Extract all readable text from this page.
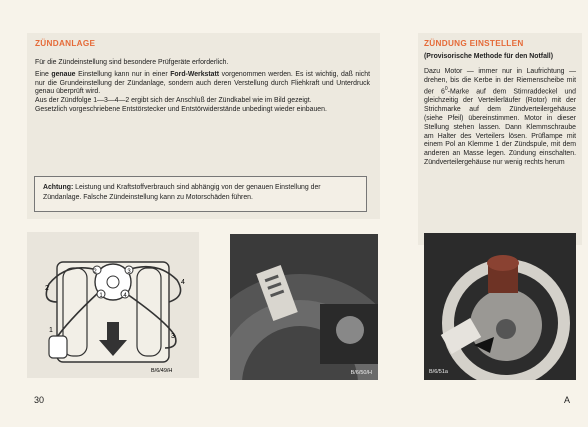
ZÜNDANLAGE

Für die Zündeinstellung sind besondere Prüfgeräte erforderlich.

Eine genaue Einstellung kann nur in einer Ford-Werkstatt vorgenommen werden. Es ist wichtig, daß nicht nur die Grundeinstellung der Zündanlage, sondern auch deren Verstellung durch Fliehkraft und Unterdruck genau überprüft wird.

Aus der Zündfolge 1—3—4—2 ergibt sich der Anschluß der Zündkabel wie im Bild gezeigt.

Gesetzlich vorgeschriebene Entstörstecker und Entstörwiderstände unbedingt wieder einbauen.

Achtung: Leistung und Kraftstoffverbrauch sind abhängig von der genauen Einstellung der Zündanlage. Falsche Zündeinstellung kann zu Motorschäden führen.
ZÜNDUNG EINSTELLEN

(Provisorische Methode für den Notfall)

Dazu Motor — immer nur in Laufrichtung — drehen, bis die Kerbe in der Riemenscheibe mit der $6^0$-Marke auf dem Stirnraddeckel und gleichzeitig der Verteilerläufer (Rotor) mit der Strichmarke auf dem Zündverteilergehäuse (siehe Pfeil) übereinstimmen. Motor in dieser Stellung stehen lassen. Dann Klemmschraube am Halter des Verteilers lösen. Prüflampe mit einem Pol an Klemme 1 der Zündspule, mit dem anderen an Masse legen. Zündung einschalten. Zündverteilergehäuse nur wenig rechts herum

2	3
1	4
2
4
1
3
B/6/49/H	B/6/50/H	B/6/51a
30	A
